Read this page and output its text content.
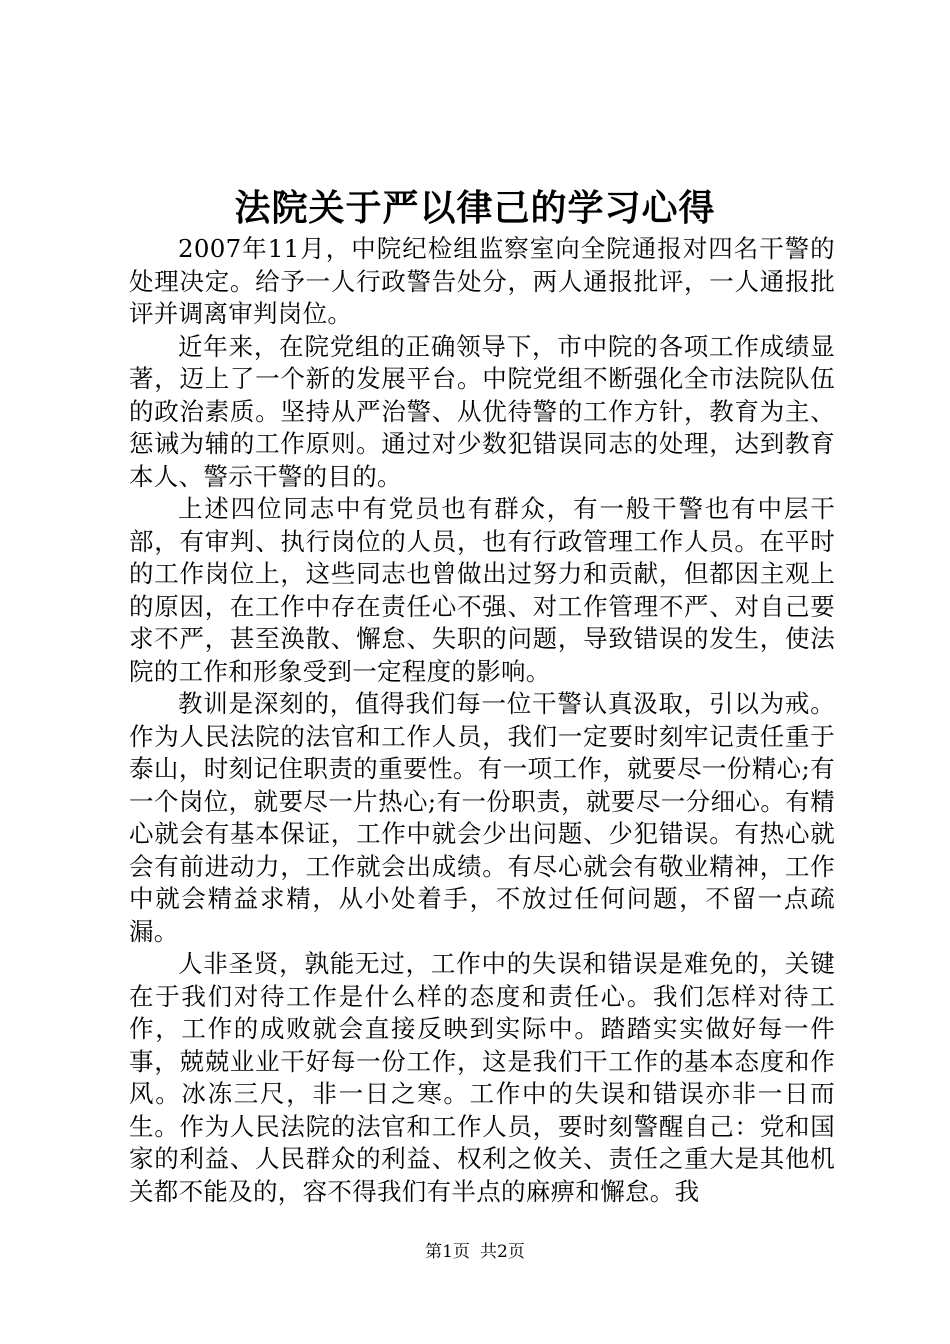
法院关于严以律己的学习心得

2007年11月，中院纪检组监察室向全院通报对四名干警的处理决定。给予一人行政警告处分，两人通报批评，一人通报批评并调离审判岗位。

近年来，在院党组的正确领导下，市中院的各项工作成绩显著，迈上了一个新的发展平台。中院党组不断强化全市法院队伍的政治素质。坚持从严治警、从优待警的工作方针，教育为主、惩诫为辅的工作原则。通过对少数犯错误同志的处理，达到教育本人、警示干警的目的。

上述四位同志中有党员也有群众，有一般干警也有中层干部，有审判、执行岗位的人员，也有行政管理工作人员。在平时的工作岗位上，这些同志也曾做出过努力和贡献，但都因主观上的原因，在工作中存在责任心不强、对工作管理不严、对自己要求不严，甚至涣散、懈怠、失职的问题，导致错误的发生，使法院的工作和形象受到一定程度的影响。

教训是深刻的，值得我们每一位干警认真汲取，引以为戒。作为人民法院的法官和工作人员，我们一定要时刻牢记责任重于泰山，时刻记住职责的重要性。有一项工作，就要尽一份精心;有一个岗位，就要尽一片热心;有一份职责，就要尽一分细心。有精心就会有基本保证，工作中就会少出问题、少犯错误。有热心就会有前进动力，工作就会出成绩。有尽心就会有敬业精神，工作中就会精益求精，从小处着手，不放过任何问题，不留一点疏漏。

人非圣贤，孰能无过，工作中的失误和错误是难免的，关键在于我们对待工作是什么样的态度和责任心。我们怎样对待工作，工作的成败就会直接反映到实际中。踏踏实实做好每一件事，兢兢业业干好每一份工作，这是我们干工作的基本态度和作风。冰冻三尺，非一日之寒。工作中的失误和错误亦非一日而生。作为人民法院的法官和工作人员，要时刻警醒自己：党和国家的利益、人民群众的利益、权利之攸关、责任之重大是其他机关都不能及的，容不得我们有半点的麻痹和懈怠。我

第1页 共2页
